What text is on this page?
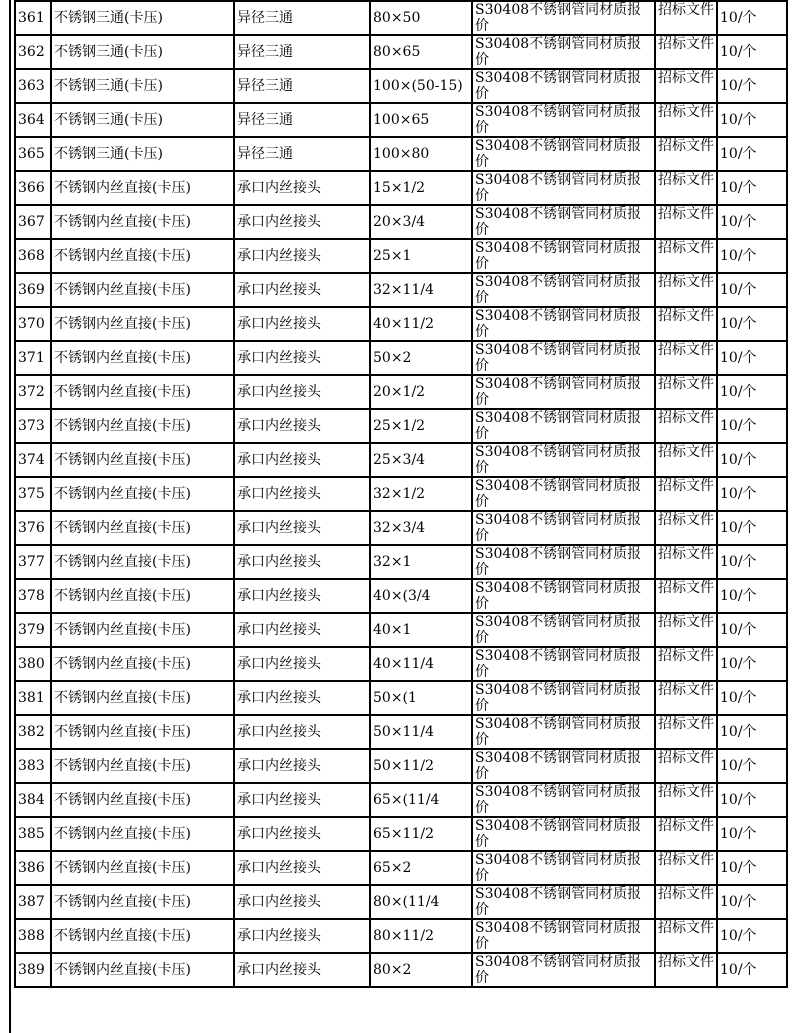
361	不锈钢三通(卡压)	异径三通	80×50	S30408不锈钢管同材质报价	招标文件	10/个
362	不锈钢三通(卡压)	异径三通	80×65	S30408不锈钢管同材质报价	招标文件	10/个
363	不锈钢三通(卡压)	异径三通	100×(50-15)	S30408不锈钢管同材质报价	招标文件	10/个
364	不锈钢三通(卡压)	异径三通	100×65	S30408不锈钢管同材质报价	招标文件	10/个
365	不锈钢三通(卡压)	异径三通	100×80	S30408不锈钢管同材质报价	招标文件	10/个
366	不锈钢内丝直接(卡压)	承口内丝接头	15×1/2	S30408不锈钢管同材质报价	招标文件	10/个
367	不锈钢内丝直接(卡压)	承口内丝接头	20×3/4	S30408不锈钢管同材质报价	招标文件	10/个
368	不锈钢内丝直接(卡压)	承口内丝接头	25×1	S30408不锈钢管同材质报价	招标文件	10/个
369	不锈钢内丝直接(卡压)	承口内丝接头	32×11/4	S30408不锈钢管同材质报价	招标文件	10/个
370	不锈钢内丝直接(卡压)	承口内丝接头	40×11/2	S30408不锈钢管同材质报价	招标文件	10/个
371	不锈钢内丝直接(卡压)	承口内丝接头	50×2	S30408不锈钢管同材质报价	招标文件	10/个
372	不锈钢内丝直接(卡压)	承口内丝接头	20×1/2	S30408不锈钢管同材质报价	招标文件	10/个
373	不锈钢内丝直接(卡压)	承口内丝接头	25×1/2	S30408不锈钢管同材质报价	招标文件	10/个
374	不锈钢内丝直接(卡压)	承口内丝接头	25×3/4	S30408不锈钢管同材质报价	招标文件	10/个
375	不锈钢内丝直接(卡压)	承口内丝接头	32×1/2	S30408不锈钢管同材质报价	招标文件	10/个
376	不锈钢内丝直接(卡压)	承口内丝接头	32×3/4	S30408不锈钢管同材质报价	招标文件	10/个
377	不锈钢内丝直接(卡压)	承口内丝接头	32×1	S30408不锈钢管同材质报价	招标文件	10/个
378	不锈钢内丝直接(卡压)	承口内丝接头	40×(3/4	S30408不锈钢管同材质报价	招标文件	10/个
379	不锈钢内丝直接(卡压)	承口内丝接头	40×1	S30408不锈钢管同材质报价	招标文件	10/个
380	不锈钢内丝直接(卡压)	承口内丝接头	40×11/4	S30408不锈钢管同材质报价	招标文件	10/个
381	不锈钢内丝直接(卡压)	承口内丝接头	50×(1	S30408不锈钢管同材质报价	招标文件	10/个
382	不锈钢内丝直接(卡压)	承口内丝接头	50×11/4	S30408不锈钢管同材质报价	招标文件	10/个
383	不锈钢内丝直接(卡压)	承口内丝接头	50×11/2	S30408不锈钢管同材质报价	招标文件	10/个
384	不锈钢内丝直接(卡压)	承口内丝接头	65×(11/4	S30408不锈钢管同材质报价	招标文件	10/个
385	不锈钢内丝直接(卡压)	承口内丝接头	65×11/2	S30408不锈钢管同材质报价	招标文件	10/个
386	不锈钢内丝直接(卡压)	承口内丝接头	65×2	S30408不锈钢管同材质报价	招标文件	10/个
387	不锈钢内丝直接(卡压)	承口内丝接头	80×(11/4	S30408不锈钢管同材质报价	招标文件	10/个
388	不锈钢内丝直接(卡压)	承口内丝接头	80×11/2	S30408不锈钢管同材质报价	招标文件	10/个
389	不锈钢内丝直接(卡压)	承口内丝接头	80×2	S30408不锈钢管同材质报价	招标文件	10/个
